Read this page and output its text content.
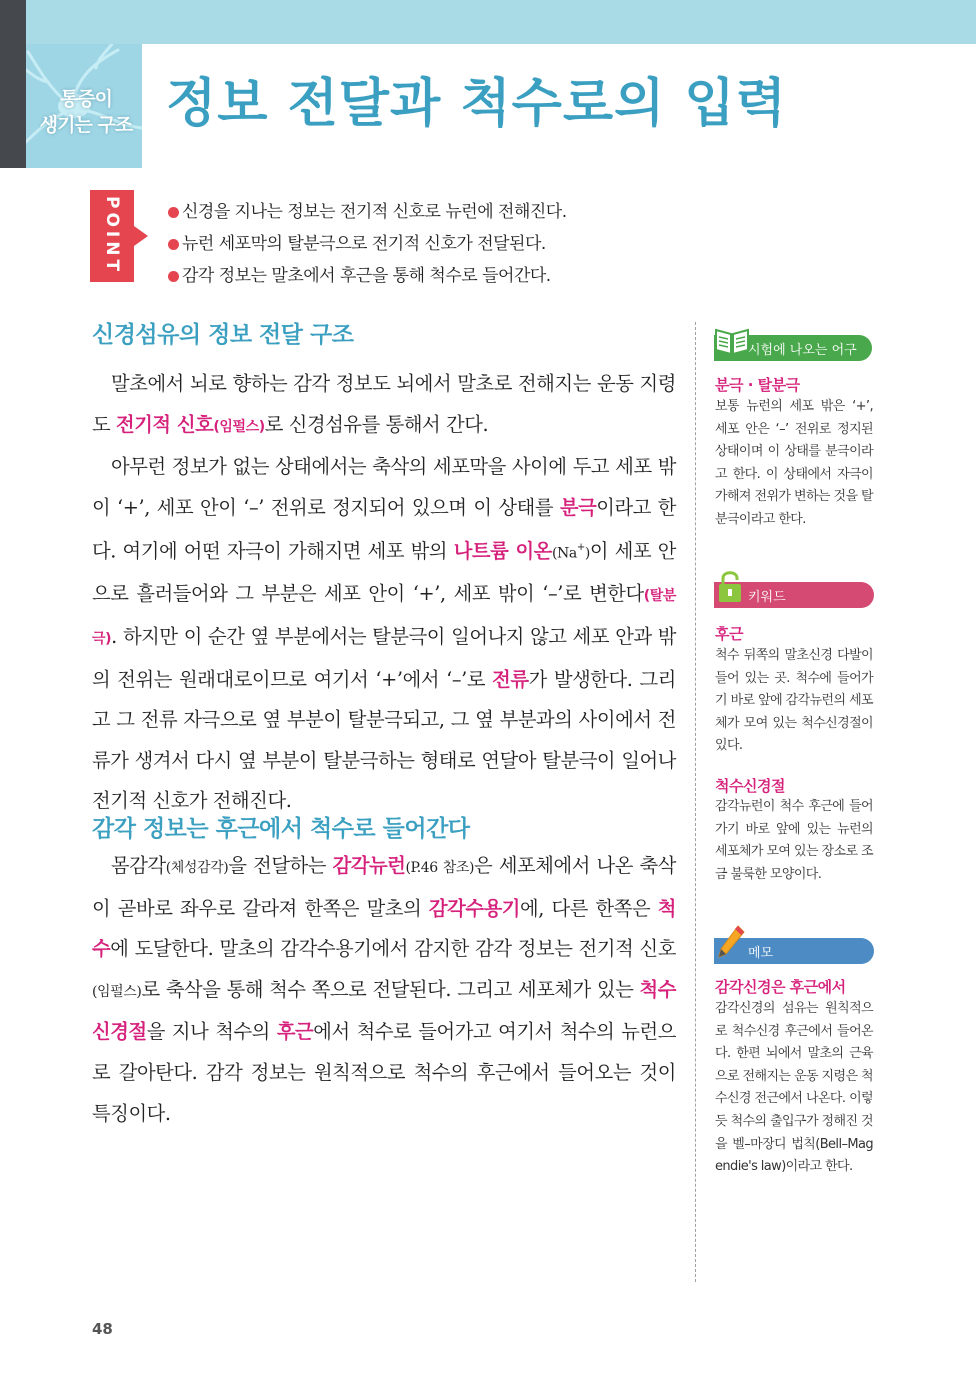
통증이
생기는 구조 정보 전달과 척수로의 입력
POINT	신경을 지나는 정보는 전기적 신호로 뉴런에 전해진다.
뉴런 세포막의 탈분극으로 전기적 신호가 전달된다.
감각 정보는 말초에서 후근을 통해 척수로 들어간다.
신경섬유의 정보 전달 구조

말초에서 뇌로 향하는 감각 정보도 뇌에서 말초로 전해지는 운동 지령도 전기적 신호(임펄스)로 신경섬유를 통해서 간다.

아무런 정보가 없는 상태에서는 축삭의 세포막을 사이에 두고 세포 밖이 ‘+’, 세포 안이 ‘–’ 전위로 정지되어 있으며 이 상태를 분극이라고 한다. 여기에 어떤 자극이 가해지면 세포 밖의 나트륨 이온(Na+)이 세포 안으로 흘러들어와 그 부분은 세포 안이 ‘+’, 세포 밖이 ‘–’로 변한다(탈분극). 하지만 이 순간 옆 부분에서는 탈분극이 일어나지 않고 세포 안과 밖의 전위는 원래대로이므로 여기서 ‘+’에서 ‘–’로 전류가 발생한다. 그리고 그 전류 자극으로 옆 부분이 탈분극되고, 그 옆 부분과의 사이에서 전류가 생겨서 다시 옆 부분이 탈분극하는 형태로 연달아 탈분극이 일어나 전기적 신호가 전해진다.

감각 정보는 후근에서 척수로 들어간다

몸감각(체성감각)을 전달하는 감각뉴런(P.46 참조)은 세포체에서 나온 축삭이 곧바로 좌우로 갈라져 한쪽은 말초의 감각수용기에, 다른 한쪽은 척수에 도달한다. 말초의 감각수용기에서 감지한 감각 정보는 전기적 신호(임펄스)로 축삭을 통해 척수 쪽으로 전달된다. 그리고 세포체가 있는 척수신경절을 지나 척수의 후근에서 척수로 들어가고 여기서 척수의 뉴런으로 갈아탄다. 감각 정보는 원칙적으로 척수의 후근에서 들어오는 것이 특징이다.

시험에 나오는 어구
분극 · 탈분극
보통 뉴런의 세포 밖은 ‘+’, 세포 안은 ‘–’ 전위로 정지된 상태이며 이 상태를 분극이라고 한다. 이 상태에서 자극이 가해져 전위가 변하는 것을 탈분극이라고 한다.
키워드
후근
척수 뒤쪽의 말초신경 다발이 들어 있는 곳. 척수에 들어가기 바로 앞에 감각뉴런의 세포체가 모여 있는 척수신경절이 있다.
척수신경절
감각뉴런이 척수 후근에 들어가기 바로 앞에 있는 뉴런의 세포체가 모여 있는 장소로 조금 불룩한 모양이다.
메모
감각신경은 후근에서
감각신경의 섬유는 원칙적으로 척수신경 후근에서 들어온다. 한편 뇌에서 말초의 근육으로 전해지는 운동 지령은 척수신경 전근에서 나온다. 이렇듯 척수의 출입구가 정해진 것을 벨–마장디 법칙(Bell–Magendie's law)이라고 한다.
48
